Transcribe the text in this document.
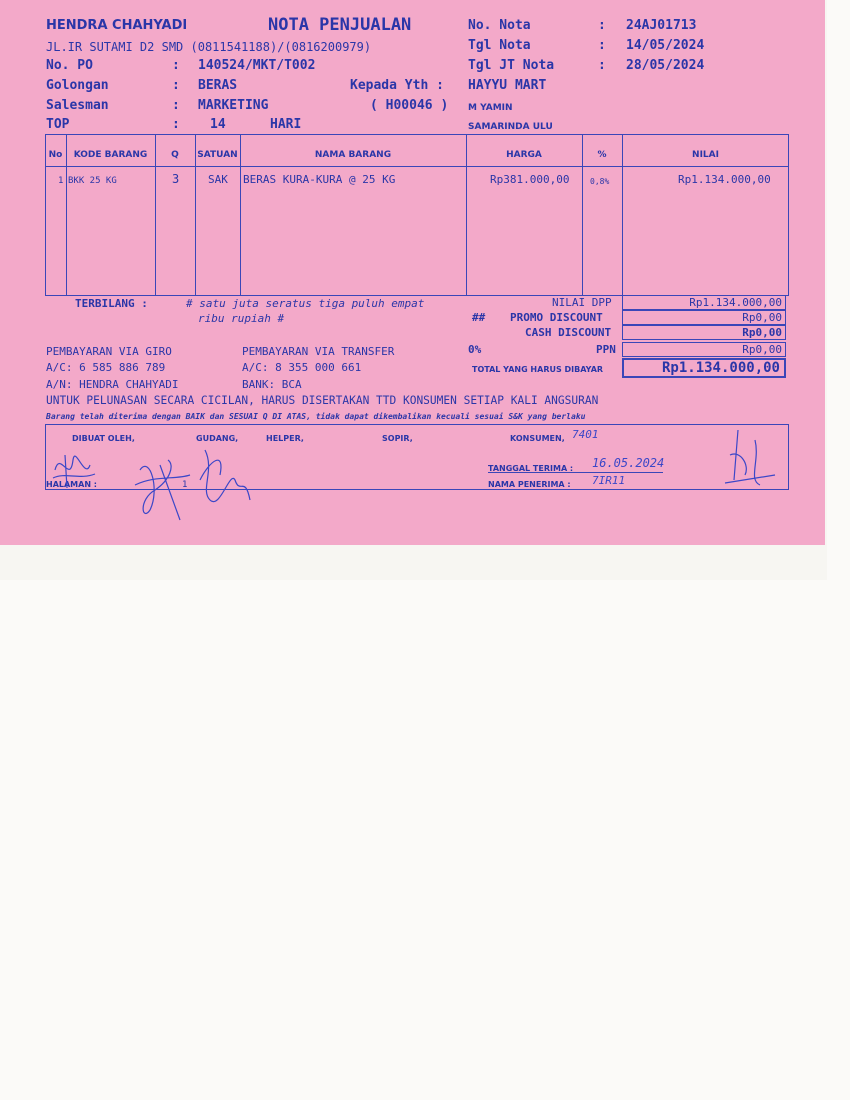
HENDRA CHAHYADI
JL.IR SUTAMI D2 SMD (0811541188)/(0816200979)
NOTA PENJUALAN
No. PO	: 140524/MKT/T002
Golongan	: BERAS
Salesman	: MARKETING
TOP	: 14	HARI
No. Nota	: 24AJ01713
Tgl Nota	: 14/05/2024
Tgl JT Nota	: 28/05/2024
Kepada Yth : HAYYU MART
( H00046 ) M YAMIN
SAMARINDA ULU
No	KODE BARANG	Q	SATUAN	NAMA BARANG	HARGA	%	NILAI
1 BKK 25 KG	3	SAK BERAS KURA-KURA @ 25 KG	Rp381.000,00	0,8%	Rp1.134.000,00
TERBILANG :	# satu juta seratus tiga puluh empat
ribu rupiah #
NILAI DPP	Rp1.134.000,00
## PROMO DISCOUNT	Rp0,00
CASH DISCOUNT	Rp0,00
0%	PPN	Rp0,00
TOTAL YANG HARUS DIBAYAR	Rp1.134.000,00
PEMBAYARAN VIA GIRO
A/C: 6 585 886 789
A/N: HENDRA CHAHYADI
PEMBAYARAN VIA TRANSFER
A/C: 8 355 000 661
BANK: BCA
UNTUK PELUNASAN SECARA CICILAN, HARUS DISERTAKAN TTD KONSUMEN SETIAP KALI ANGSURAN
Barang telah diterima dengan BAIK dan SESUAI Q DI ATAS, tidak dapat dikembalikan kecuali sesuai S&K yang berlaku
DIBUAT OLEH,	GUDANG,	HELPER,	SOPIR,	KONSUMEN, 7401
HALAMAN :	1
TANGGAL TERIMA : 16.05.2024
NAMA PENERIMA : 7IR11
